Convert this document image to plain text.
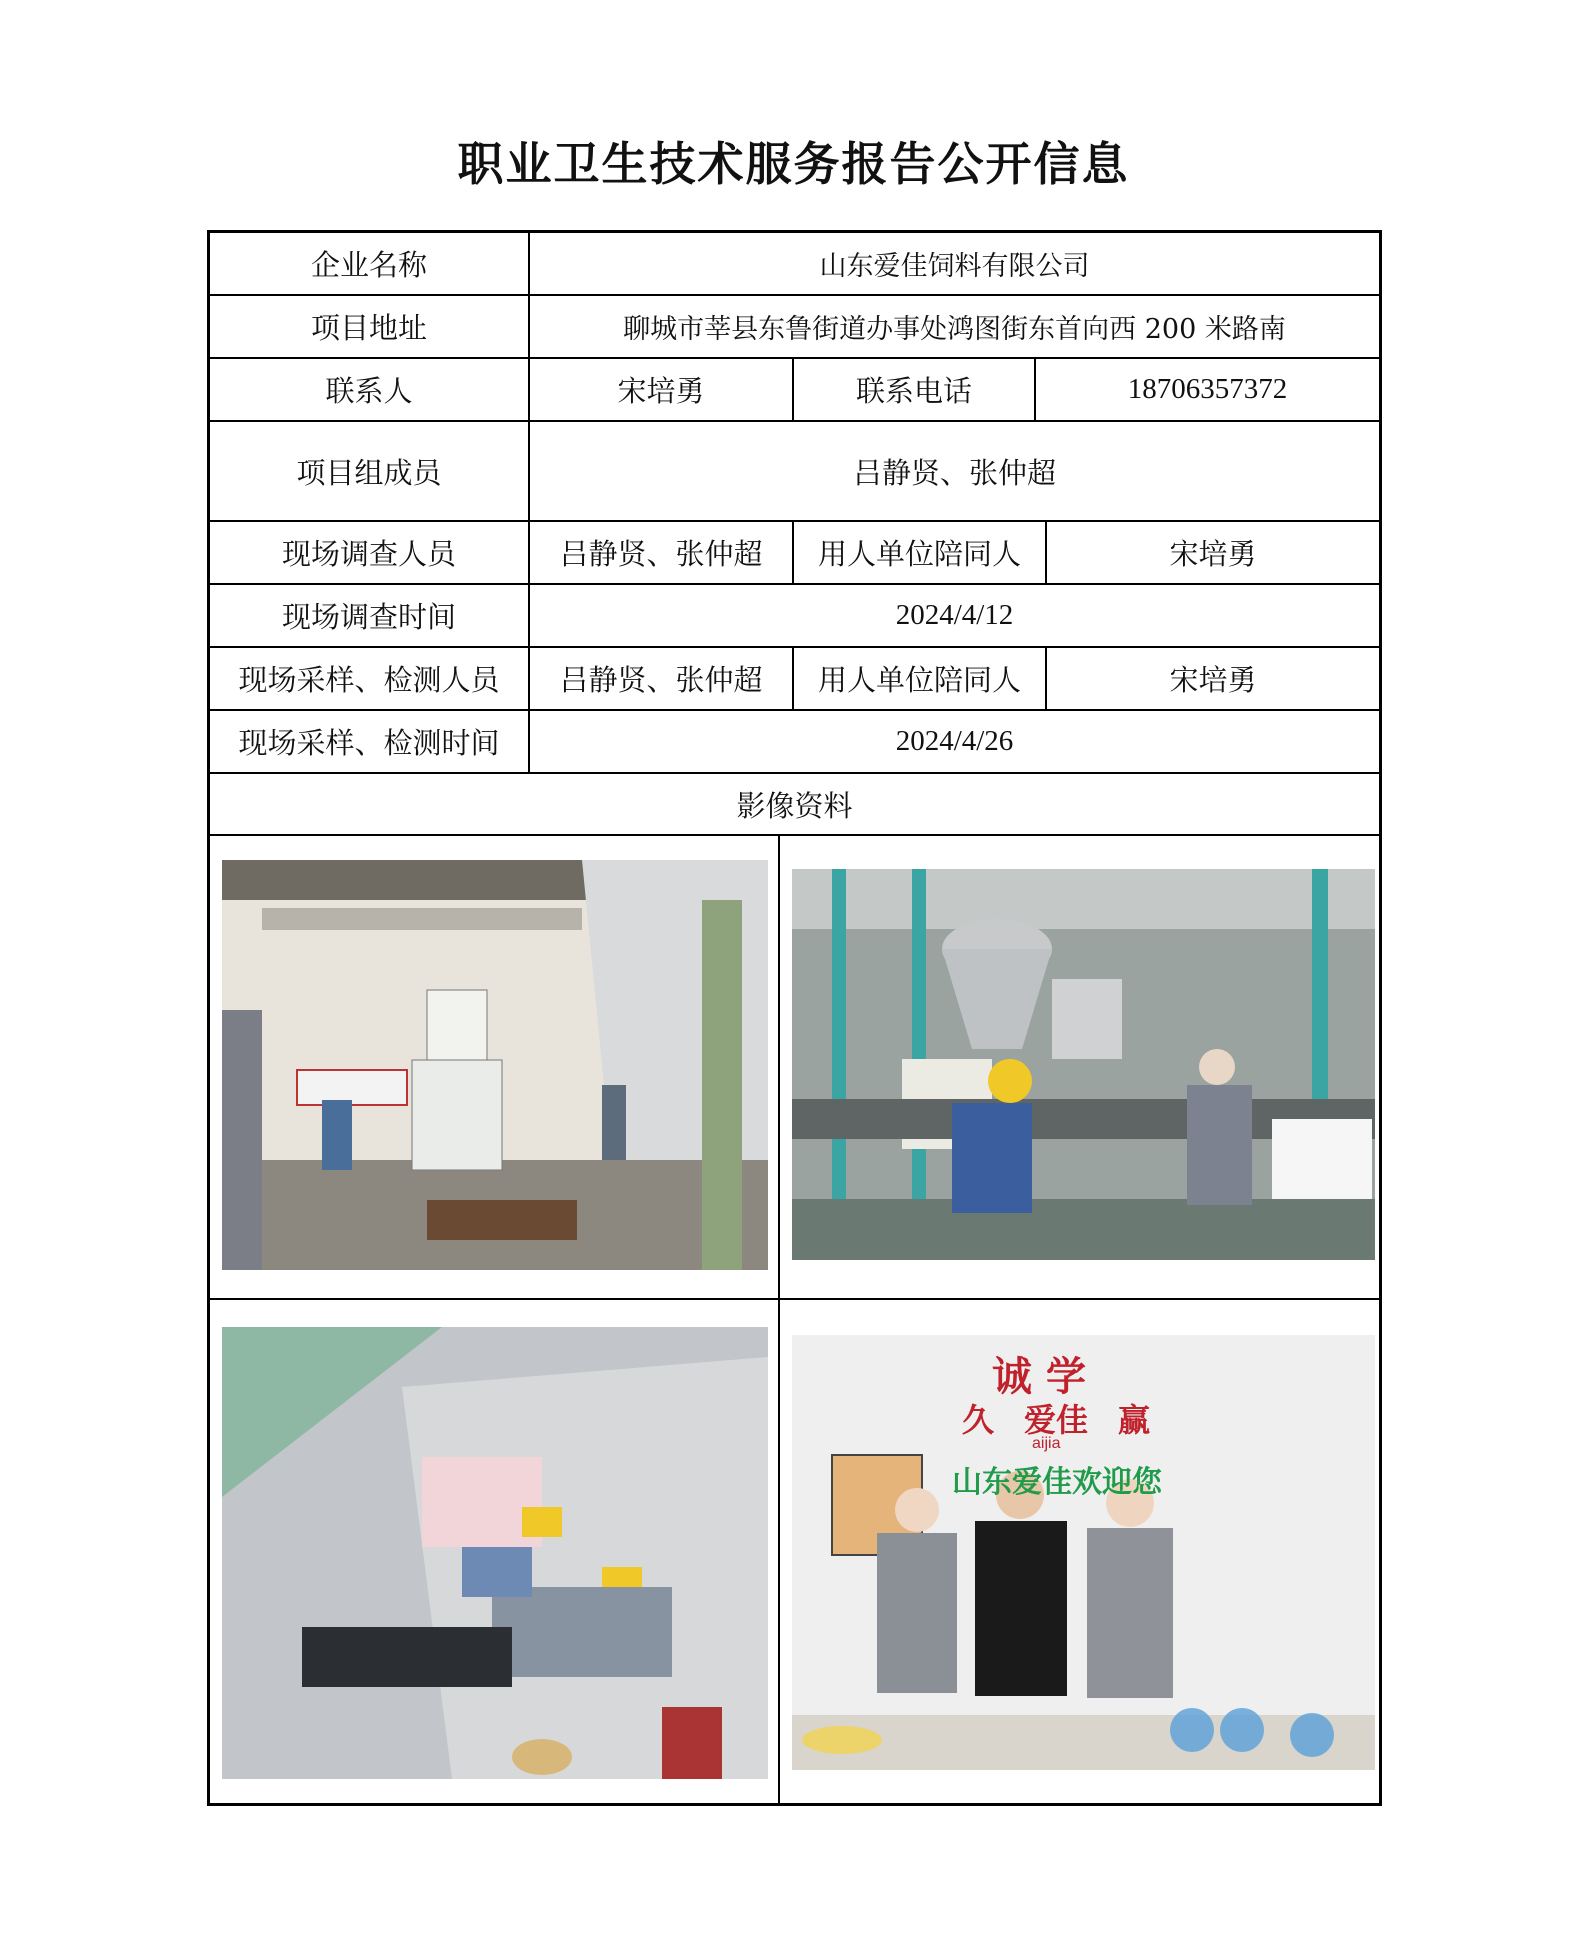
职业卫生技术服务报告公开信息
企业名称	山东爱佳饲料有限公司
项目地址	聊城市莘县东鲁街道办事处鸿图街东首向西 200 米路南
联系人	宋培勇	联系电话	18706357372
项目组成员	吕静贤、张仲超
现场调查人员	吕静贤、张仲超	用人单位陪同人	宋培勇
现场调查时间	2024/4/12
现场采样、检测人员	吕静贤、张仲超	用人单位陪同人	宋培勇
现场采样、检测时间	2024/4/26
影像资料
诚 学
久 爱佳 赢
aijia
山东爱佳欢迎您
